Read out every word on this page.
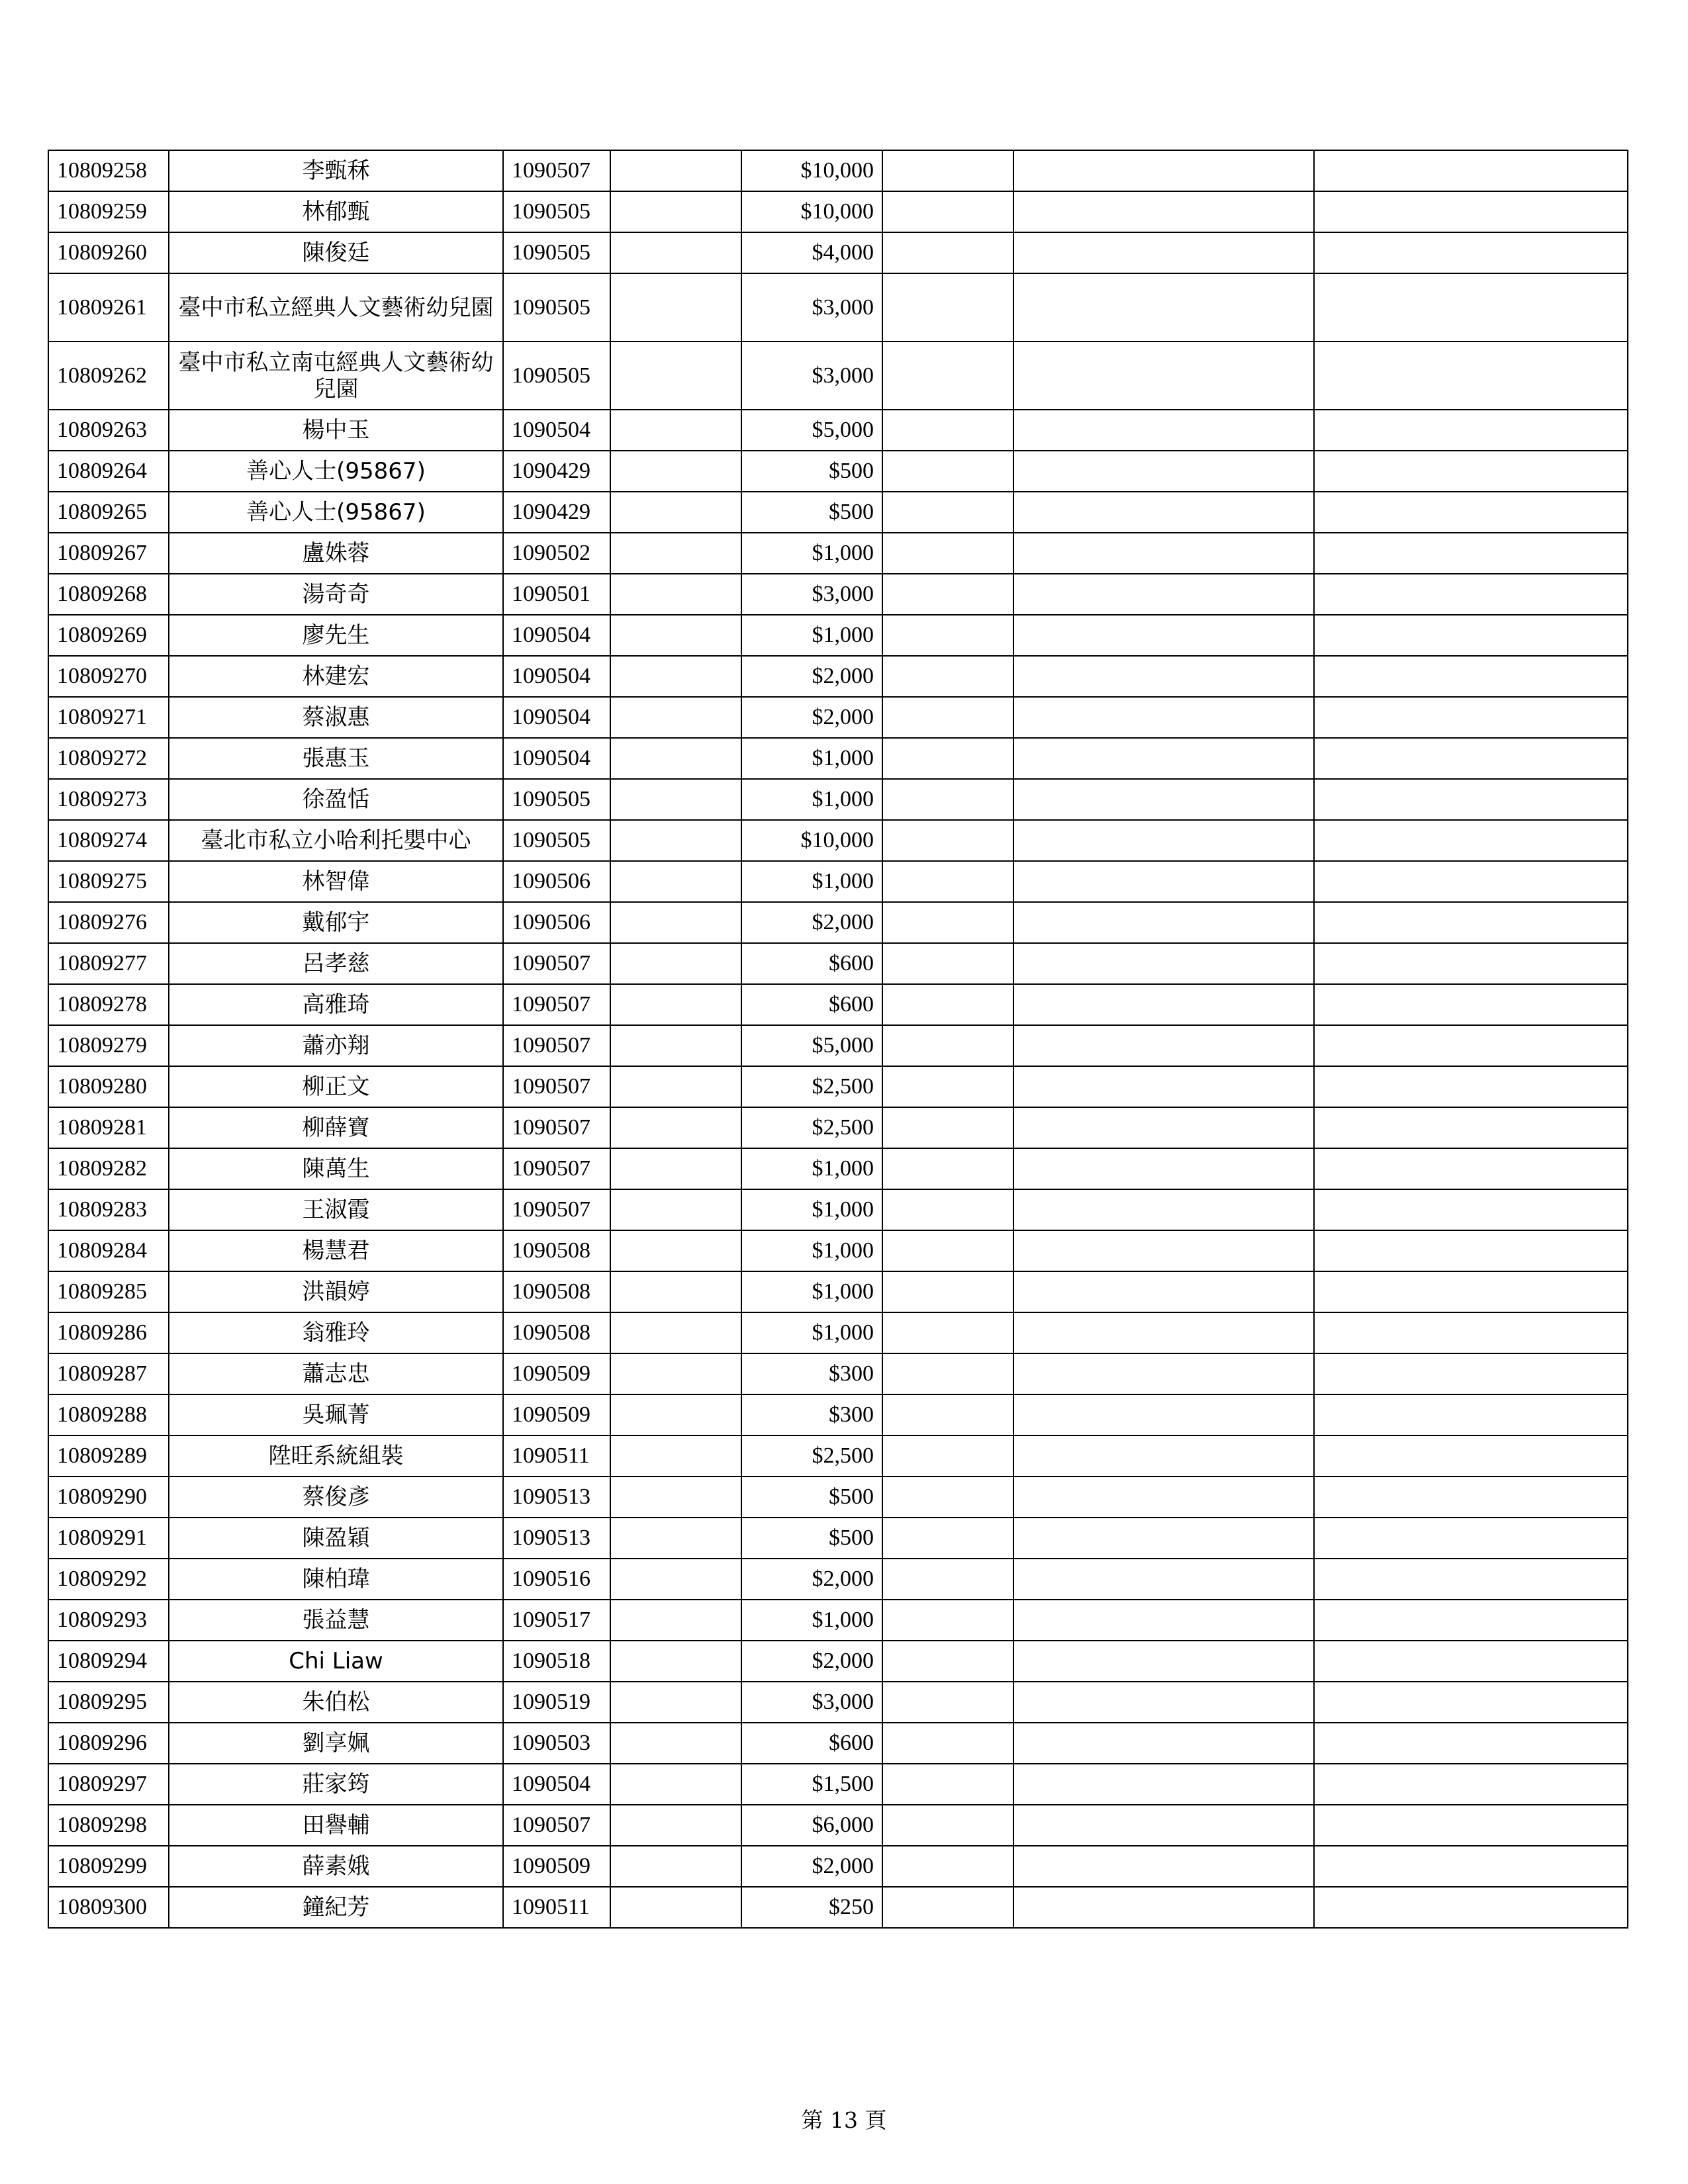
10809258	李甄秝	1090507		$10,000			
10809259	林郁甄	1090505		$10,000			
10809260	陳俊廷	1090505		$4,000			
10809261	臺中市私立經典人文藝術幼兒園	1090505		$3,000			
10809262	臺中市私立南屯經典人文藝術幼兒園	1090505		$3,000			
10809263	楊中玉	1090504		$5,000			
10809264	善心人士(95867)	1090429		$500			
10809265	善心人士(95867)	1090429		$500			
10809267	盧姝蓉	1090502		$1,000			
10809268	湯奇奇	1090501		$3,000			
10809269	廖先生	1090504		$1,000			
10809270	林建宏	1090504		$2,000			
10809271	蔡淑惠	1090504		$2,000			
10809272	張惠玉	1090504		$1,000			
10809273	徐盈恬	1090505		$1,000			
10809274	臺北市私立小哈利托嬰中心	1090505		$10,000			
10809275	林智偉	1090506		$1,000			
10809276	戴郁宇	1090506		$2,000			
10809277	呂孝慈	1090507		$600			
10809278	高雅琦	1090507		$600			
10809279	蕭亦翔	1090507		$5,000			
10809280	柳正文	1090507		$2,500			
10809281	柳薛寶	1090507		$2,500			
10809282	陳萬生	1090507		$1,000			
10809283	王淑霞	1090507		$1,000			
10809284	楊慧君	1090508		$1,000			
10809285	洪韻婷	1090508		$1,000			
10809286	翁雅玲	1090508		$1,000			
10809287	蕭志忠	1090509		$300			
10809288	吳珮菁	1090509		$300			
10809289	陞旺系統組裝	1090511		$2,500			
10809290	蔡俊彥	1090513		$500			
10809291	陳盈穎	1090513		$500			
10809292	陳柏瑋	1090516		$2,000			
10809293	張益慧	1090517		$1,000			
10809294	Chi Liaw	1090518		$2,000			
10809295	朱伯松	1090519		$3,000			
10809296	劉享姵	1090503		$600			
10809297	莊家筠	1090504		$1,500			
10809298	田譽輔	1090507		$6,000			
10809299	薛素娥	1090509		$2,000			
10809300	鐘紀芳	1090511		$250			
第 13 頁
